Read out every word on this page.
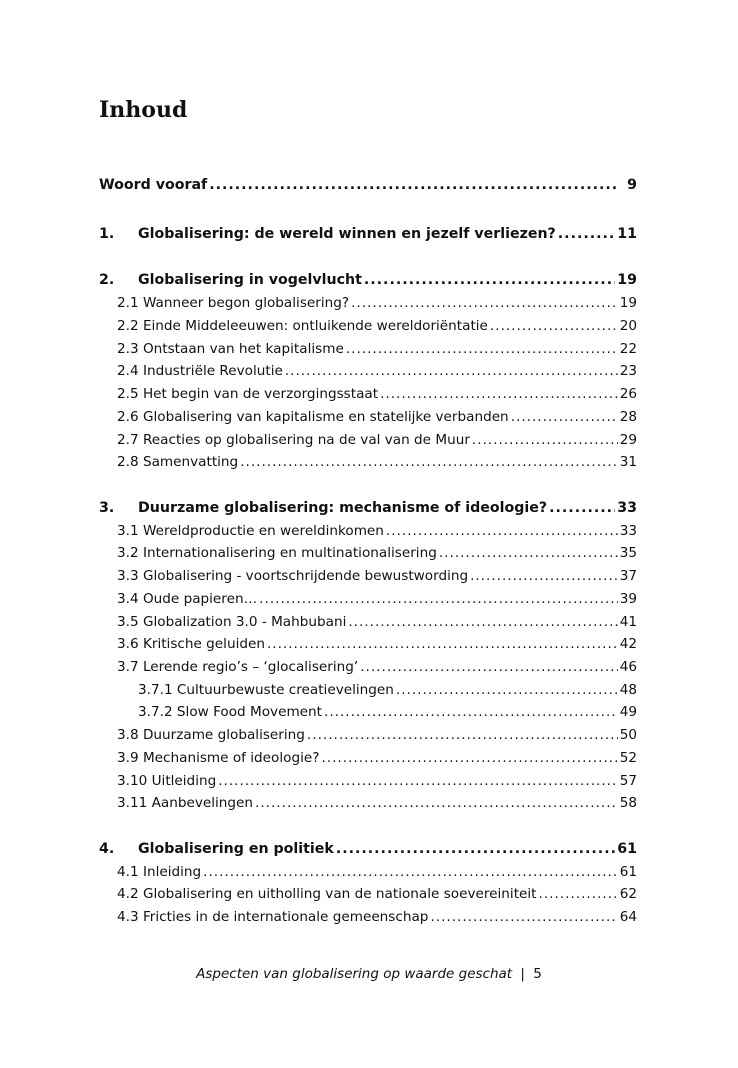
Inhoud
Woord vooraf .....	9
1.	Globalisering: de wereld winnen en jezelf verliezen? .....	11
2.	Globalisering in vogelvlucht .....	19
2.1 Wanneer begon globalisering? .....	19
2.2 Einde Middeleeuwen: ontluikende wereldoriëntatie .....	20
2.3 Ontstaan van het kapitalisme .....	22
2.4 Industriële Revolutie .....	23
2.5 Het begin van de verzorgingsstaat .....	26
2.6 Globalisering van kapitalisme en statelijke verbanden .....	28
2.7 Reacties op globalisering na de val van de Muur .....	29
2.8 Samenvatting .....	31
3.	Duurzame globalisering: mechanisme of ideologie? .....	33
3.1 Wereldproductie en wereldinkomen .....	33
3.2 Internationalisering en multinationalisering .....	35
3.3 Globalisering - voortschrijdende bewustwording .....	37
3.4 Oude papieren… .....	39
3.5 Globalization 3.0 - Mahbubani .....	41
3.6 Kritische geluiden .....	42
3.7 Lerende regio’s – ‘glocalisering’ .....	46
3.7.1 Cultuurbewuste creatievelingen .....	48
3.7.2 Slow Food Movement .....	49
3.8 Duurzame globalisering .....	50
3.9 Mechanisme of ideologie? .....	52
3.10 Uitleiding .....	57
3.11 Aanbevelingen .....	58
4.	Globalisering en politiek .....	61
4.1 Inleiding .....	61
4.2 Globalisering en uitholling van de nationale soevereiniteit .....	62
4.3 Fricties in de internationale gemeenschap .....	64
Aspecten van globalisering op waarde geschat | 5
